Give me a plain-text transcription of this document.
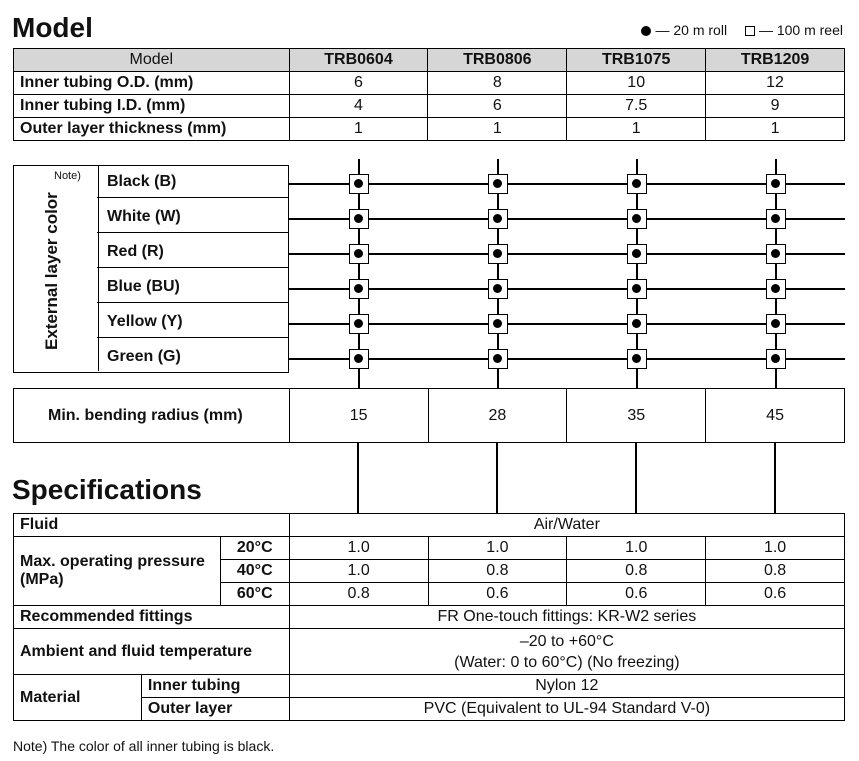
Model	— 20 m roll — 100 m reel
Model	TRB0604	TRB0806	TRB1075	TRB1209
Inner tubing O.D. (mm)	6	8	10	12
Inner tubing I.D. (mm)	4	6	7.5	9
Outer layer thickness (mm)	1	1	1	1
External layer color
Note)	Black (B)
White (W)
Red (R)
Blue (BU)
Yellow (Y)
Green (G)
Min. bending radius (mm)	15	28	35	45
Specifications
Fluid			Air/Water			
Max. operating pressure (MPa)		20°C	1.0	1.0	1.0	1.0
		40°C	1.0	0.8	0.8	0.8
		60°C	0.8	0.6	0.6	0.6
Recommended fittings			FR One-touch fittings: KR-W2 series			
Ambient and fluid temperature			–20 to +60°C
(Water: 0 to 60°C) (No freezing)			

Material	Inner tubing		Nylon 12			
	Outer layer		PVC (Equivalent to UL-94 Standard V-0)			
Note) The color of all inner tubing is black.
